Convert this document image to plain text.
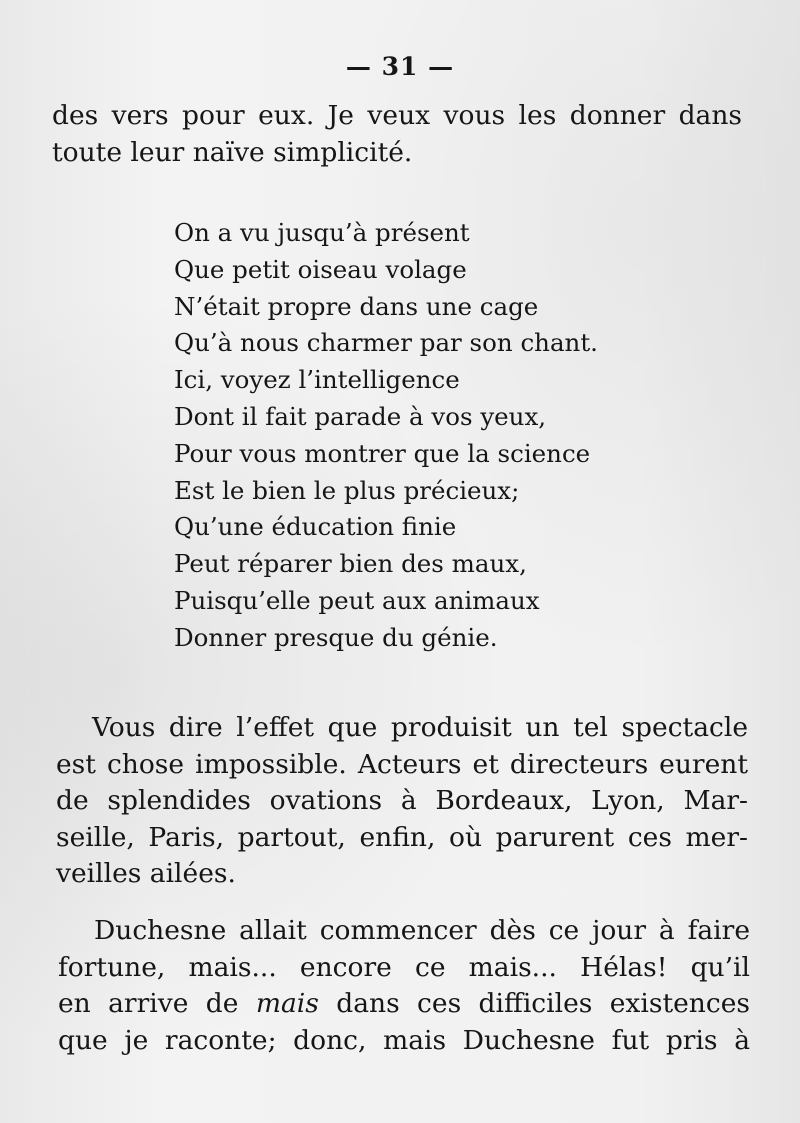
— 31 —

des vers pour eux. Je veux vous les donner dans
toute leur naïve simplicité.

On a vu jusqu’à présent
Que petit oiseau volage
N’était propre dans une cage
Qu’à nous charmer par son chant.
Ici, voyez l’intelligence
Dont il fait parade à vos yeux,
Pour vous montrer que la science
Est le bien le plus précieux;
Qu’une éducation finie
Peut réparer bien des maux,
Puisqu’elle peut aux animaux
Donner presque du génie.

Vous dire l’effet que produisit un tel spectacle
est chose impossible. Acteurs et directeurs eurent
de splendides ovations à Bordeaux, Lyon, Mar-
seille, Paris, partout, enfin, où parurent ces mer-
veilles ailées.

Duchesne allait commencer dès ce jour à faire
fortune, mais... encore ce mais... Hélas! qu’il
en arrive de mais dans ces difficiles existences
que je raconte; donc, mais Duchesne fut pris à
